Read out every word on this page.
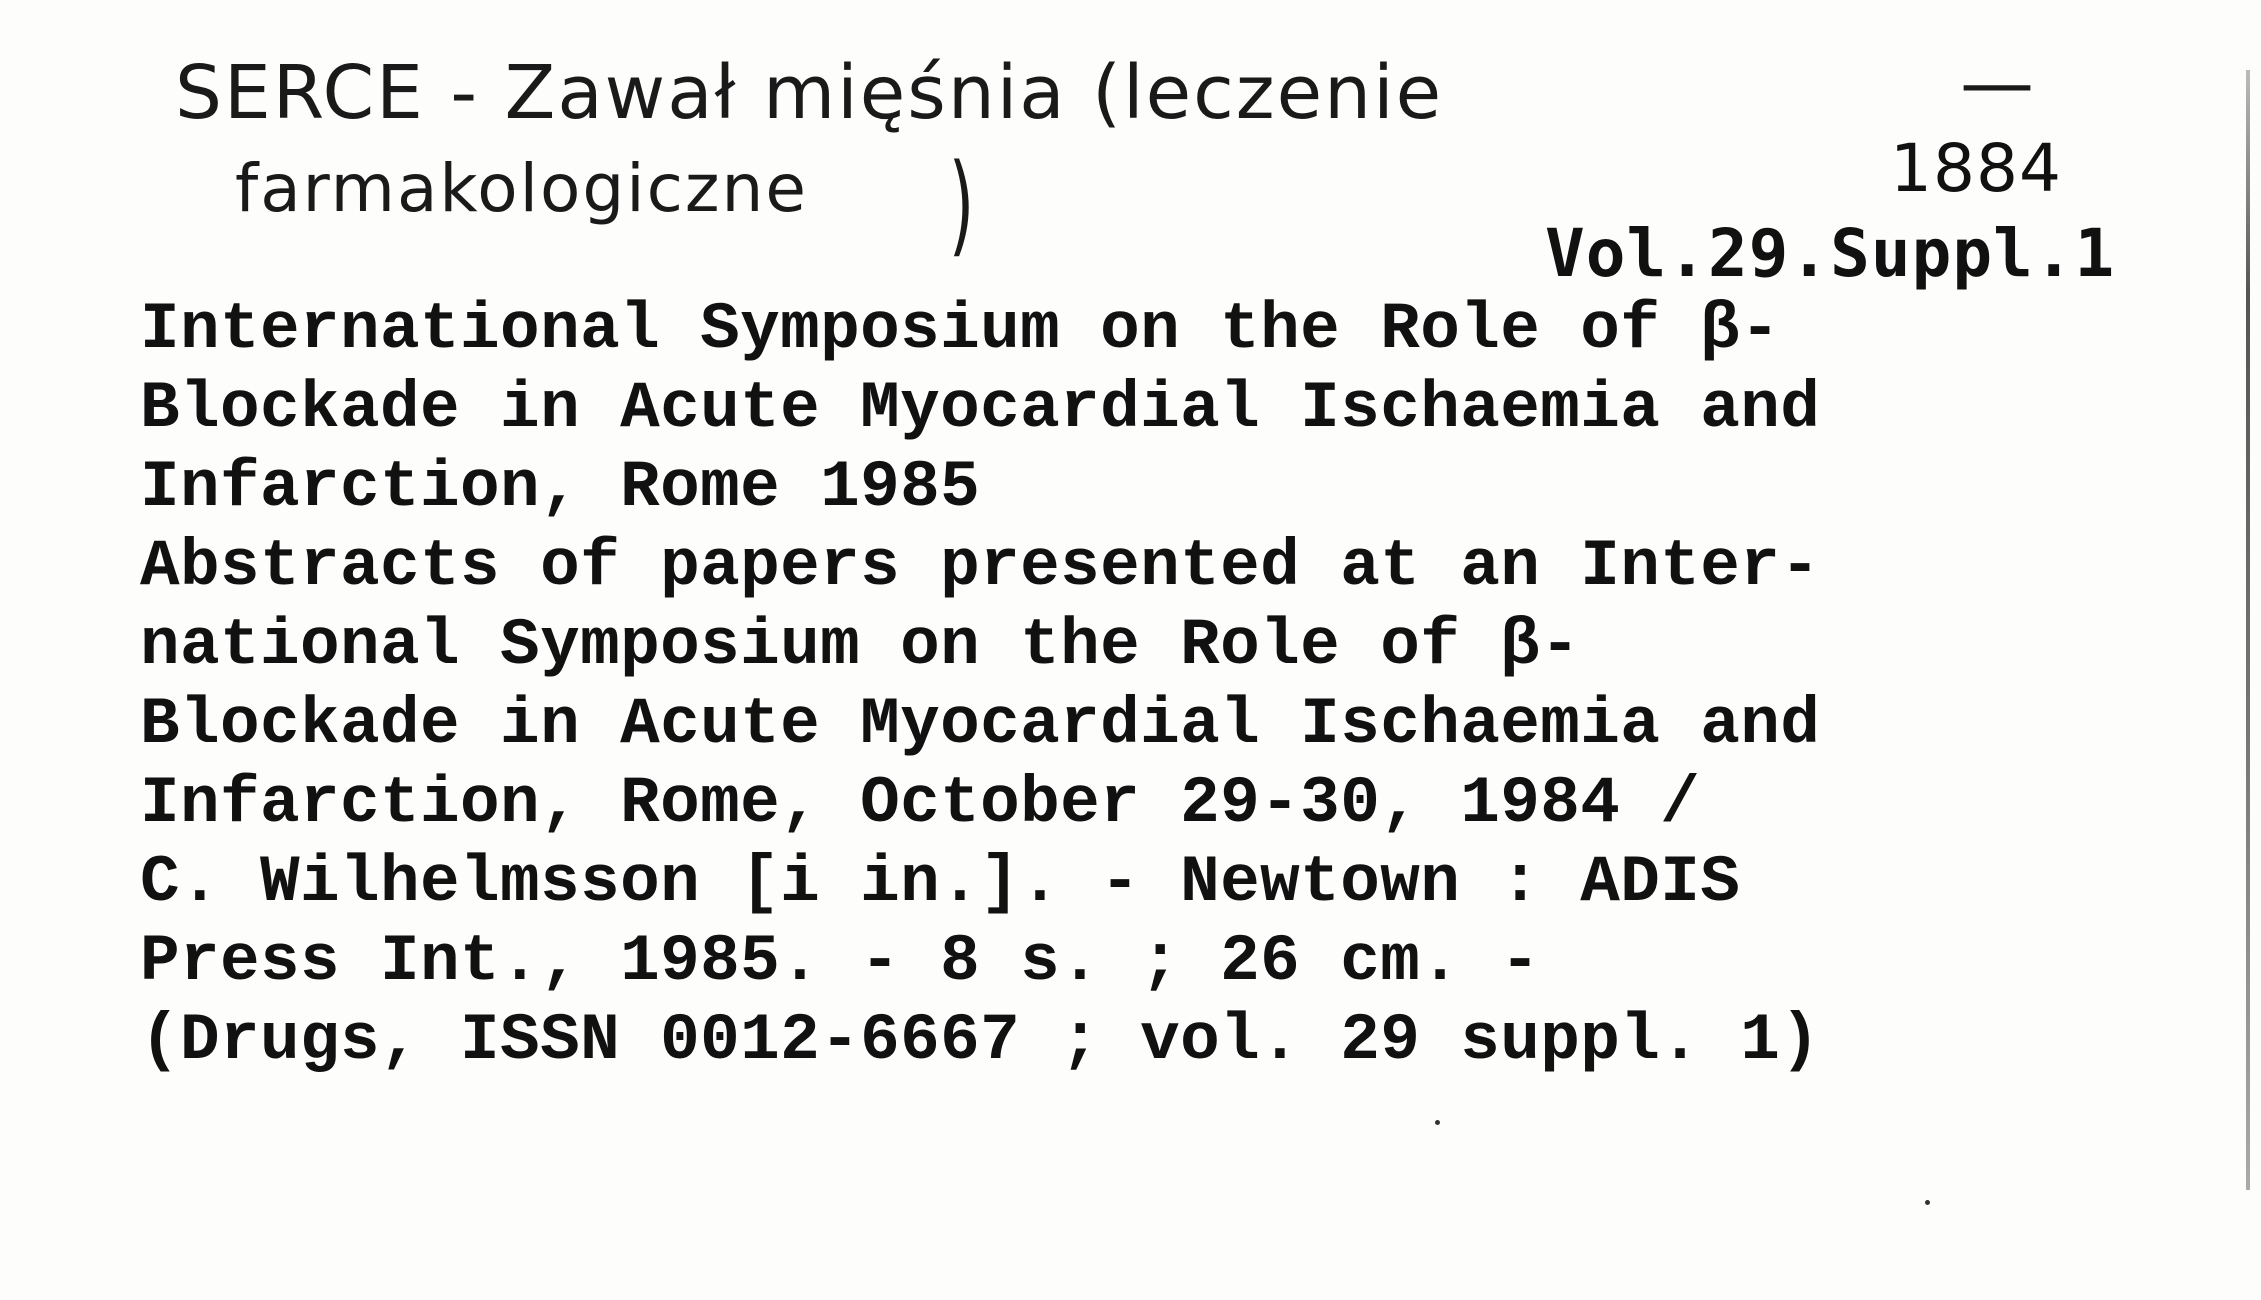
SERCE - Zawał mięśnia (leczenie	—
farmakologiczne )	1884
Vol.29.Suppl.1
International Symposium on the Role of β-
Blockade in Acute Myocardial Ischaemia and
Infarction, Rome 1985
Abstracts of papers presented at an Inter-
national Symposium on the Role of β-
Blockade in Acute Myocardial Ischaemia and
Infarction, Rome, October 29-30, 1984 /
C. Wilhelmsson [i in.]. - Newtown : ADIS
Press Int., 1985. - 8 s. ; 26 cm. -
(Drugs, ISSN 0012-6667 ; vol. 29 suppl. 1)
